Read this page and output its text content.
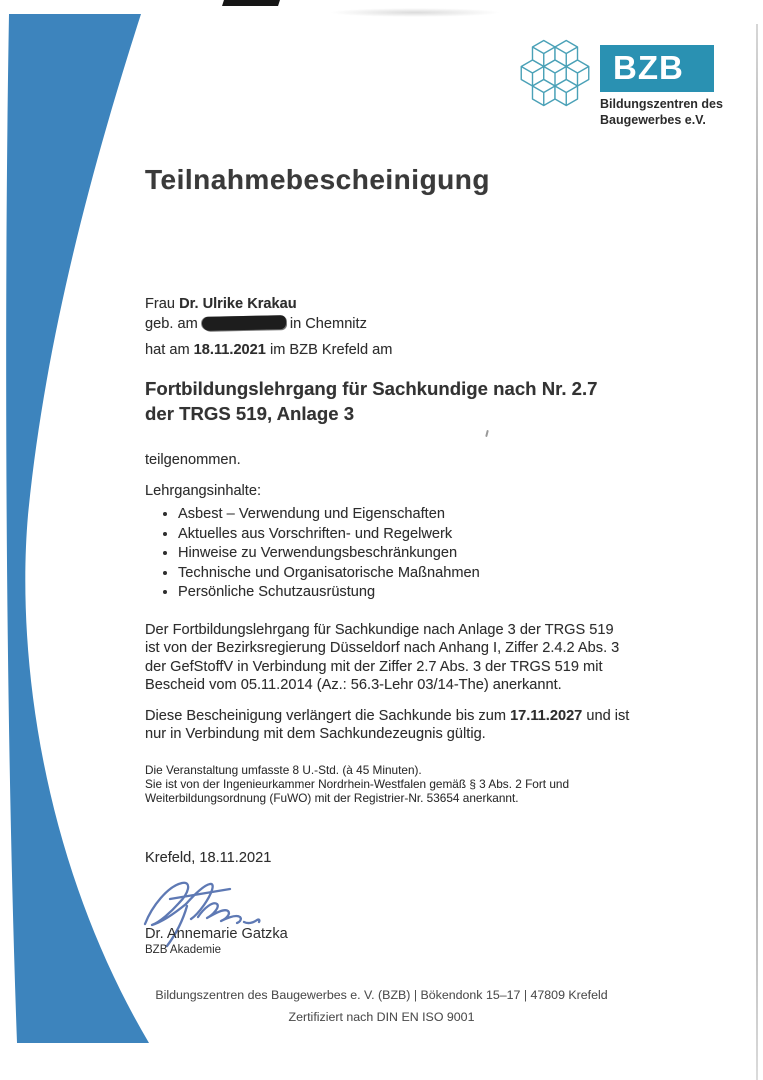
BZB
Bildungszentren des
Baugewerbes e.V.
Teilnahmebescheinigung
Frau Dr. Ulrike Krakau
geb. am	in Chemnitz
hat am 18.11.2021 im BZB Krefeld am
Fortbildungslehrgang für Sachkundige nach Nr. 2.7
der TRGS 519, Anlage 3
teilgenommen.
Lehrgangsinhalte:
• Asbest – Verwendung und Eigenschaften
• Aktuelles aus Vorschriften- und Regelwerk
• Hinweise zu Verwendungsbeschränkungen
• Technische und Organisatorische Maßnahmen
• Persönliche Schutzausrüstung
Der Fortbildungslehrgang für Sachkundige nach Anlage 3 der TRGS 519
ist von der Bezirksregierung Düsseldorf nach Anhang I, Ziffer 2.4.2 Abs. 3
der GefStoffV in Verbindung mit der Ziffer 2.7 Abs. 3 der TRGS 519 mit
Bescheid vom 05.11.2014 (Az.: 56.3-Lehr 03/14-The) anerkannt.
Diese Bescheinigung verlängert die Sachkunde bis zum 17.11.2027 und ist
nur in Verbindung mit dem Sachkundezeugnis gültig.
Die Veranstaltung umfasste 8 U.-Std. (à 45 Minuten).
Sie ist von der Ingenieurkammer Nordrhein-Westfalen gemäß § 3 Abs. 2 Fort und
Weiterbildungsordnung (FuWO) mit der Registrier-Nr. 53654 anerkannt.
Krefeld, 18.11.2021
Dr. Annemarie Gatzka
BZB Akademie
Bildungszentren des Baugewerbes e. V. (BZB) | Bökendonk 15–17 | 47809 Krefeld
Zertifiziert nach DIN EN ISO 9001
